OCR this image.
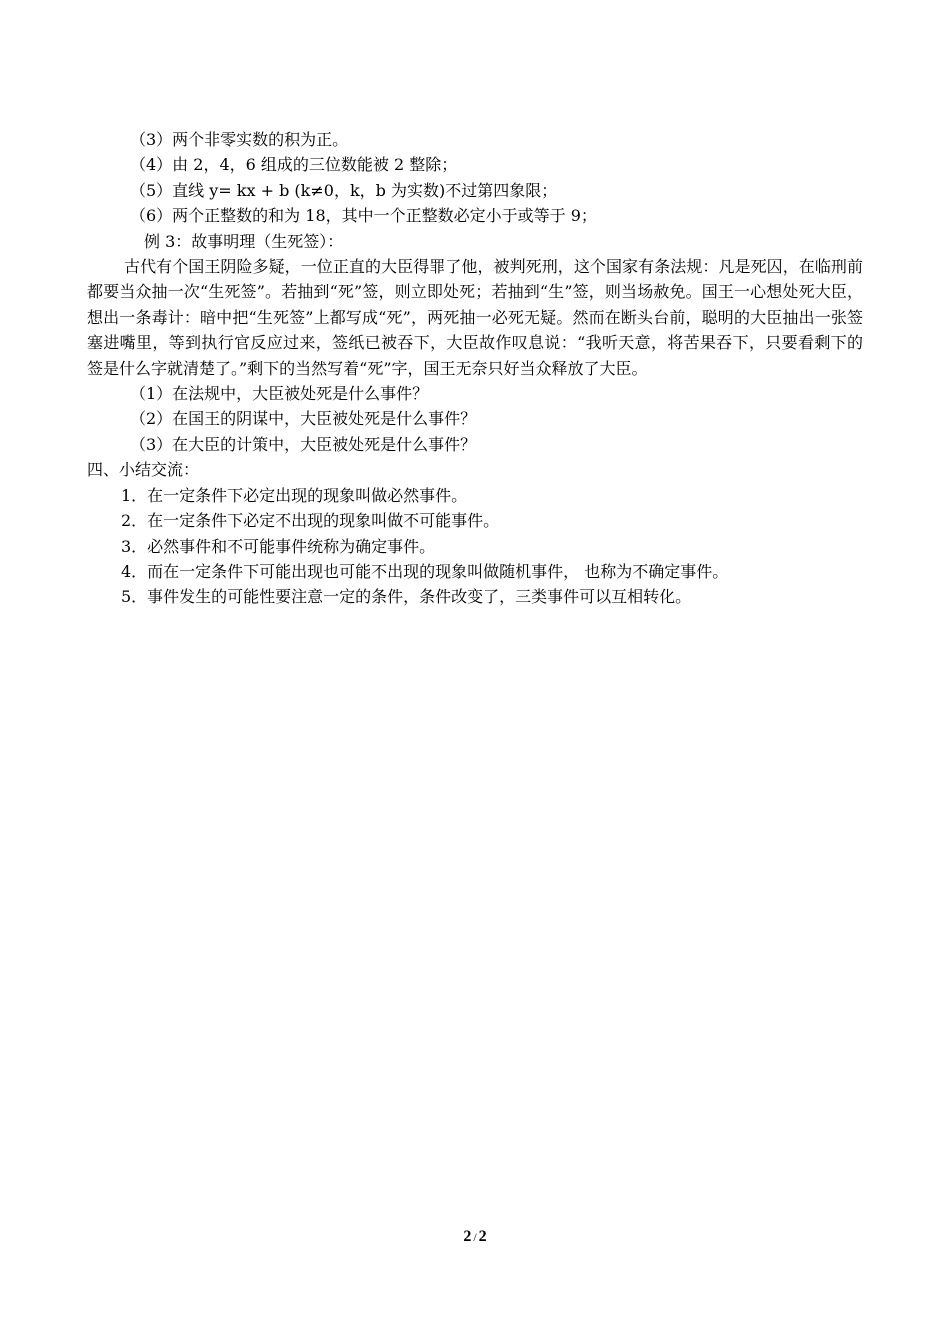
（3）两个非零实数的积为正。
（4）由 2，4，6 组成的三位数能被 2 整除；
（5）直线 y= kx + b (k≠0，k，b 为实数)不过第四象限；
（6）两个正整数的和为 18，其中一个正整数必定小于或等于 9；
例 3：故事明理（生死签）：
古代有个国王阴险多疑，一位正直的大臣得罪了他，被判死刑，这个国家有条法规：凡是死囚，在临刑前都要当众抽一次“生死签”。若抽到“死”签，则立即处死；若抽到“生”签，则当场赦免。国王一心想处死大臣，想出一条毒计：暗中把“生死签”上都写成“死”，两死抽一必死无疑。然而在断头台前，聪明的大臣抽出一张签塞进嘴里，等到执行官反应过来，签纸已被吞下，大臣故作叹息说：“我听天意，将苦果吞下，只要看剩下的签是什么字就清楚了。”剩下的当然写着“死”字，国王无奈只好当众释放了大臣。
（1）在法规中，大臣被处死是什么事件？
（2）在国王的阴谋中，大臣被处死是什么事件？
（3）在大臣的计策中，大臣被处死是什么事件？
四、小结交流：
1．在一定条件下必定出现的现象叫做必然事件。
2．在一定条件下必定不出现的现象叫做不可能事件。
3．必然事件和不可能事件统称为确定事件。
4．而在一定条件下可能出现也可能不出现的现象叫做随机事件， 也称为不确定事件。
5．事件发生的可能性要注意一定的条件，条件改变了，三类事件可以互相转化。
2 / 2
